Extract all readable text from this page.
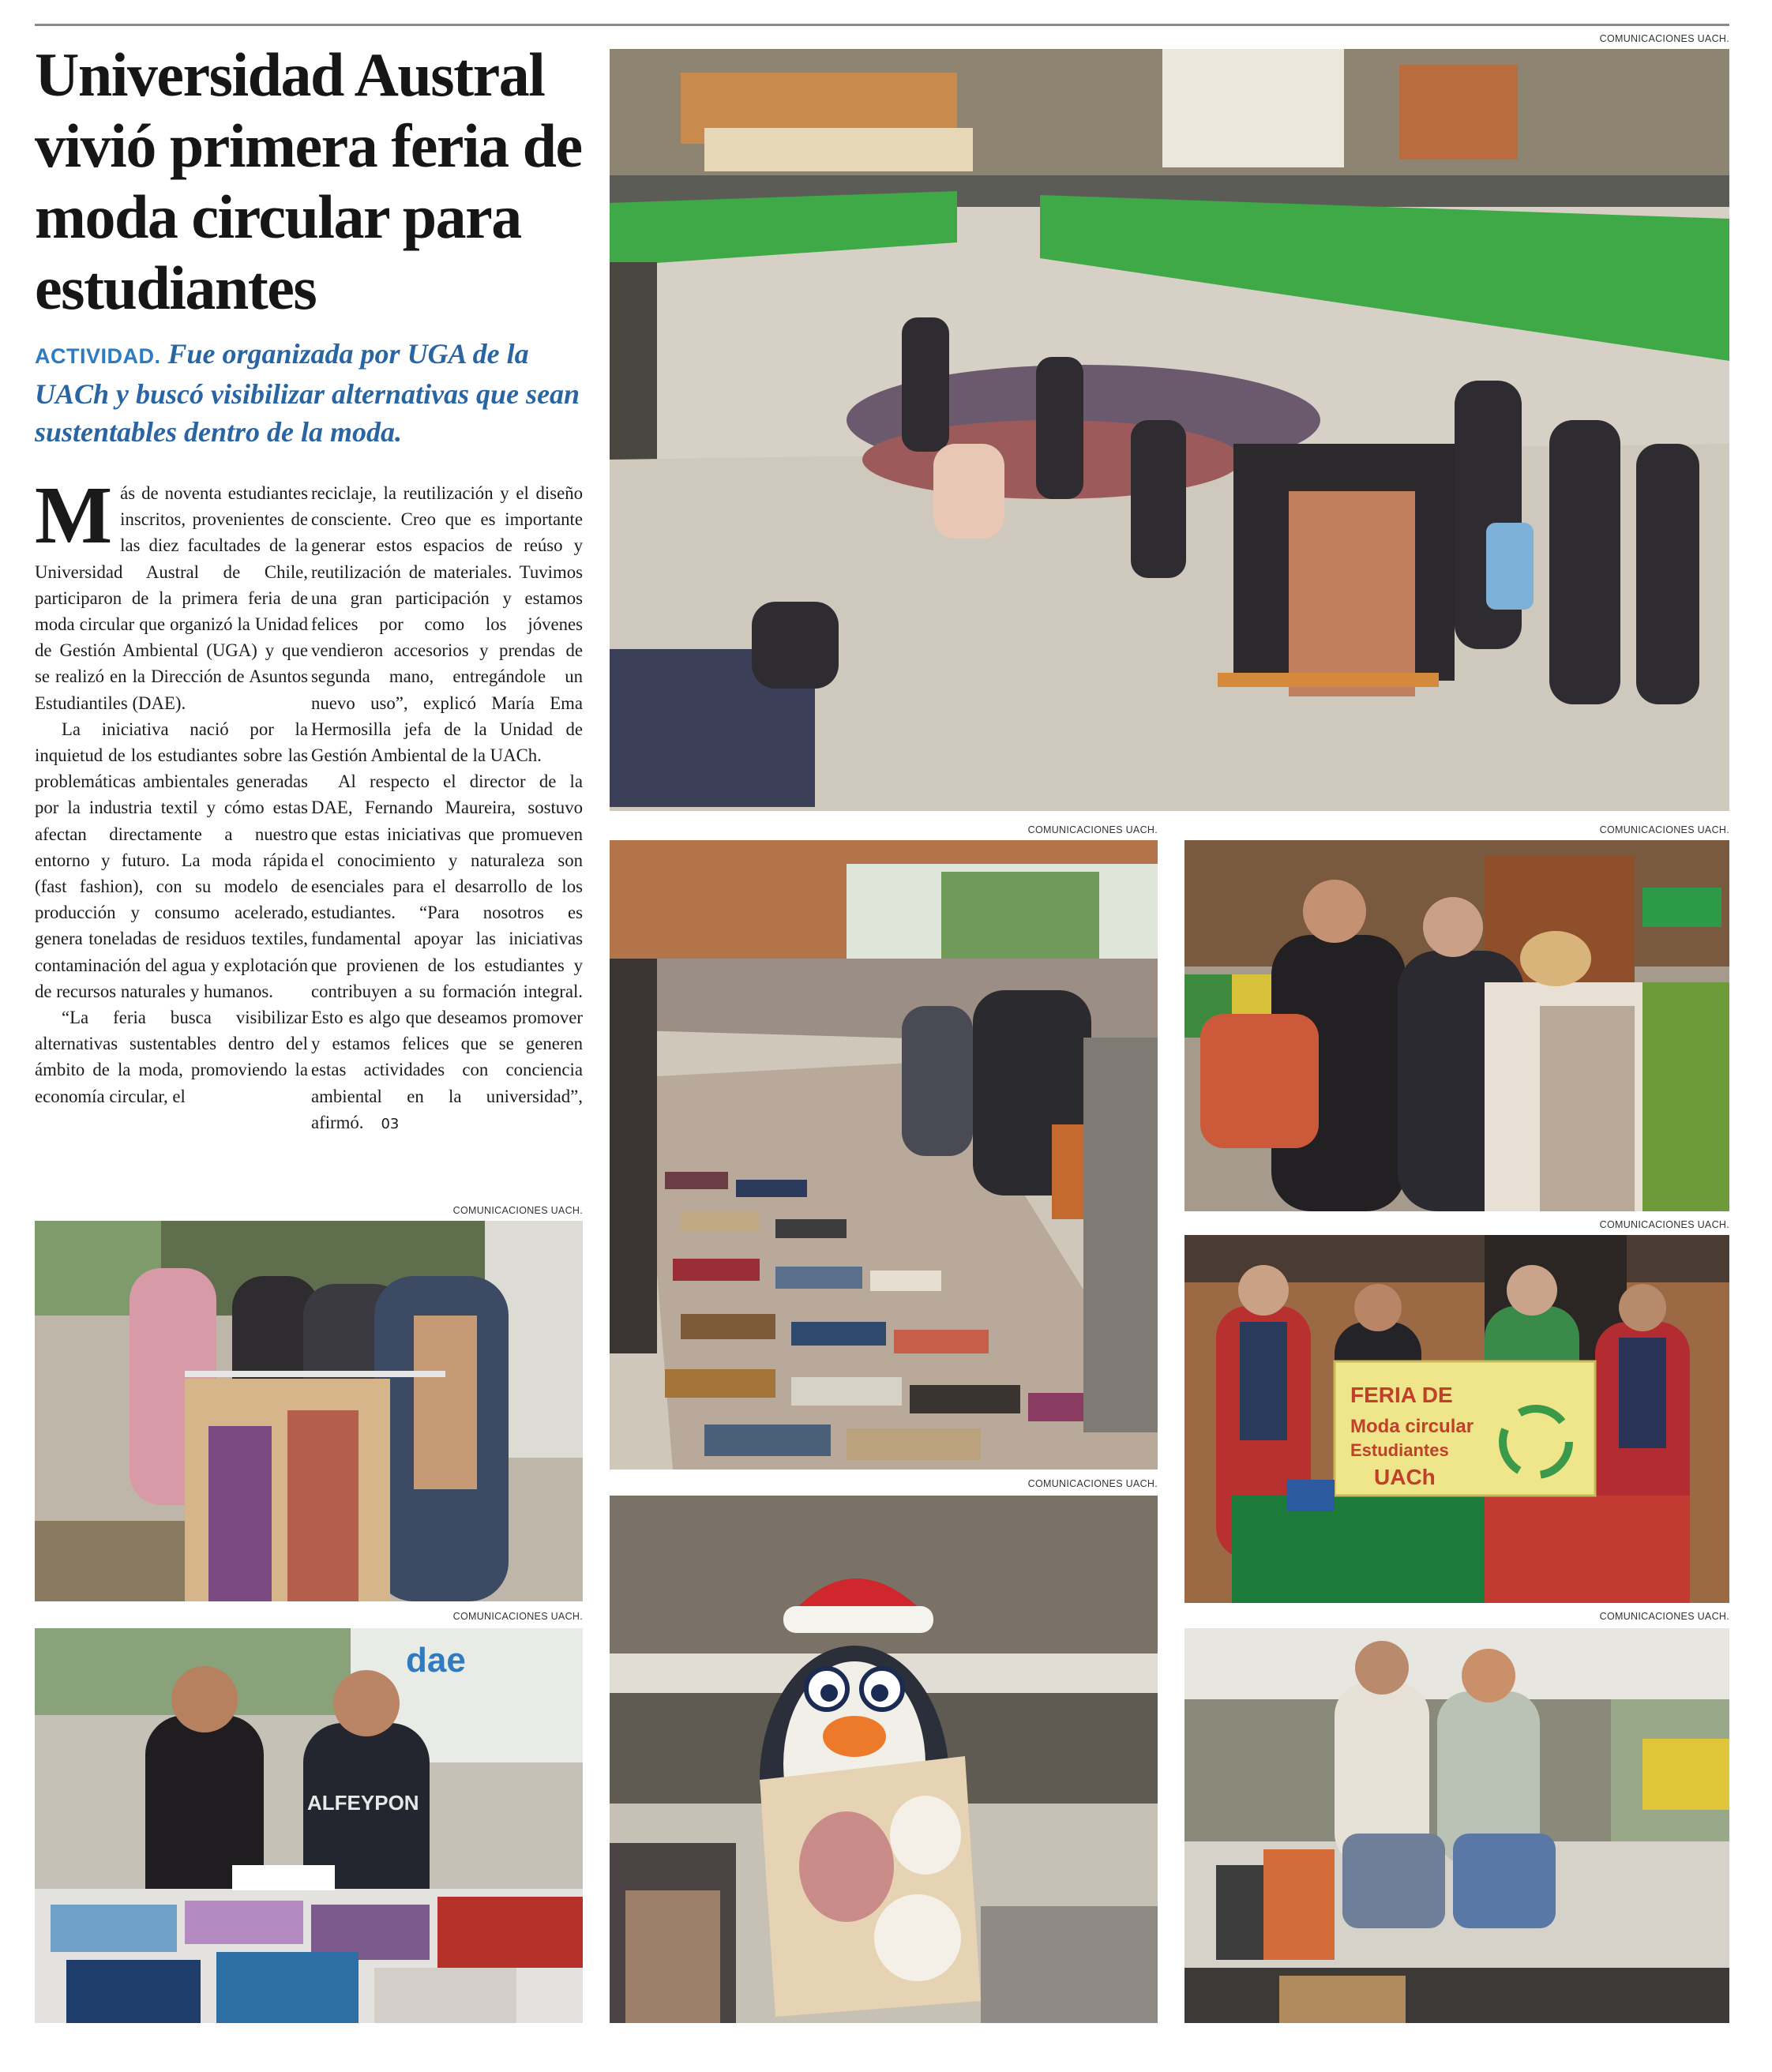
Universidad Austral vivió primera feria de moda circular para estudiantes

ACTIVIDAD. Fue organizada por UGA de la UACh y buscó visibilizar alternativas que sean sustentables dentro de la moda.

Más de noventa estudiantes inscritos, provenientes de las diez facultades de la Universidad Austral de Chile, participaron de la primera feria de moda circular que organizó la Unidad de Gestión Ambiental (UGA) y que se realizó en la Dirección de Asuntos Estudiantiles (DAE).

La iniciativa nació por la inquietud de los estudiantes sobre las problemáticas ambientales generadas por la industria textil y cómo estas afectan directamente a nuestro entorno y futuro. La moda rápida (fast fashion), con su modelo de producción y consumo acelerado, genera toneladas de residuos textiles, contaminación del agua y explotación de recursos naturales y humanos.

“La feria busca visibilizar alternativas sustentables dentro del ámbito de la moda, promoviendo la economía circular, el

reciclaje, la reutilización y el diseño consciente. Creo que es importante generar estos espacios de reúso y reutilización de materiales. Tuvimos una gran participación y estamos felices por como los jóvenes vendieron accesorios y prendas de segunda mano, entregándole un nuevo uso”, explicó María Ema Hermosilla jefa de la Unidad de Gestión Ambiental de la UACh.

Al respecto el director de la DAE, Fernando Maureira, sostuvo que estas iniciativas que promueven el conocimiento y naturaleza son esenciales para el desarrollo de los estudiantes. “Para nosotros es fundamental apoyar las iniciativas que provienen de los estudiantes y contribuyen a su formación integral. Esto es algo que deseamos promover y estamos felices que se generen estas actividades con conciencia ambiental en la universidad”, afirmó. 03

COMUNICACIONES UACH.
COMUNICACIONES UACH.
COMUNICACIONES UACH.
COMUNICACIONES UACH.
dae
ALFEYPON
COMUNICACIONES UACH.
COMUNICACIONES UACH.
FERIA DE
Moda circular
Estudiantes
UACh
COMUNICACIONES UACH.
COMUNICACIONES UACH.
